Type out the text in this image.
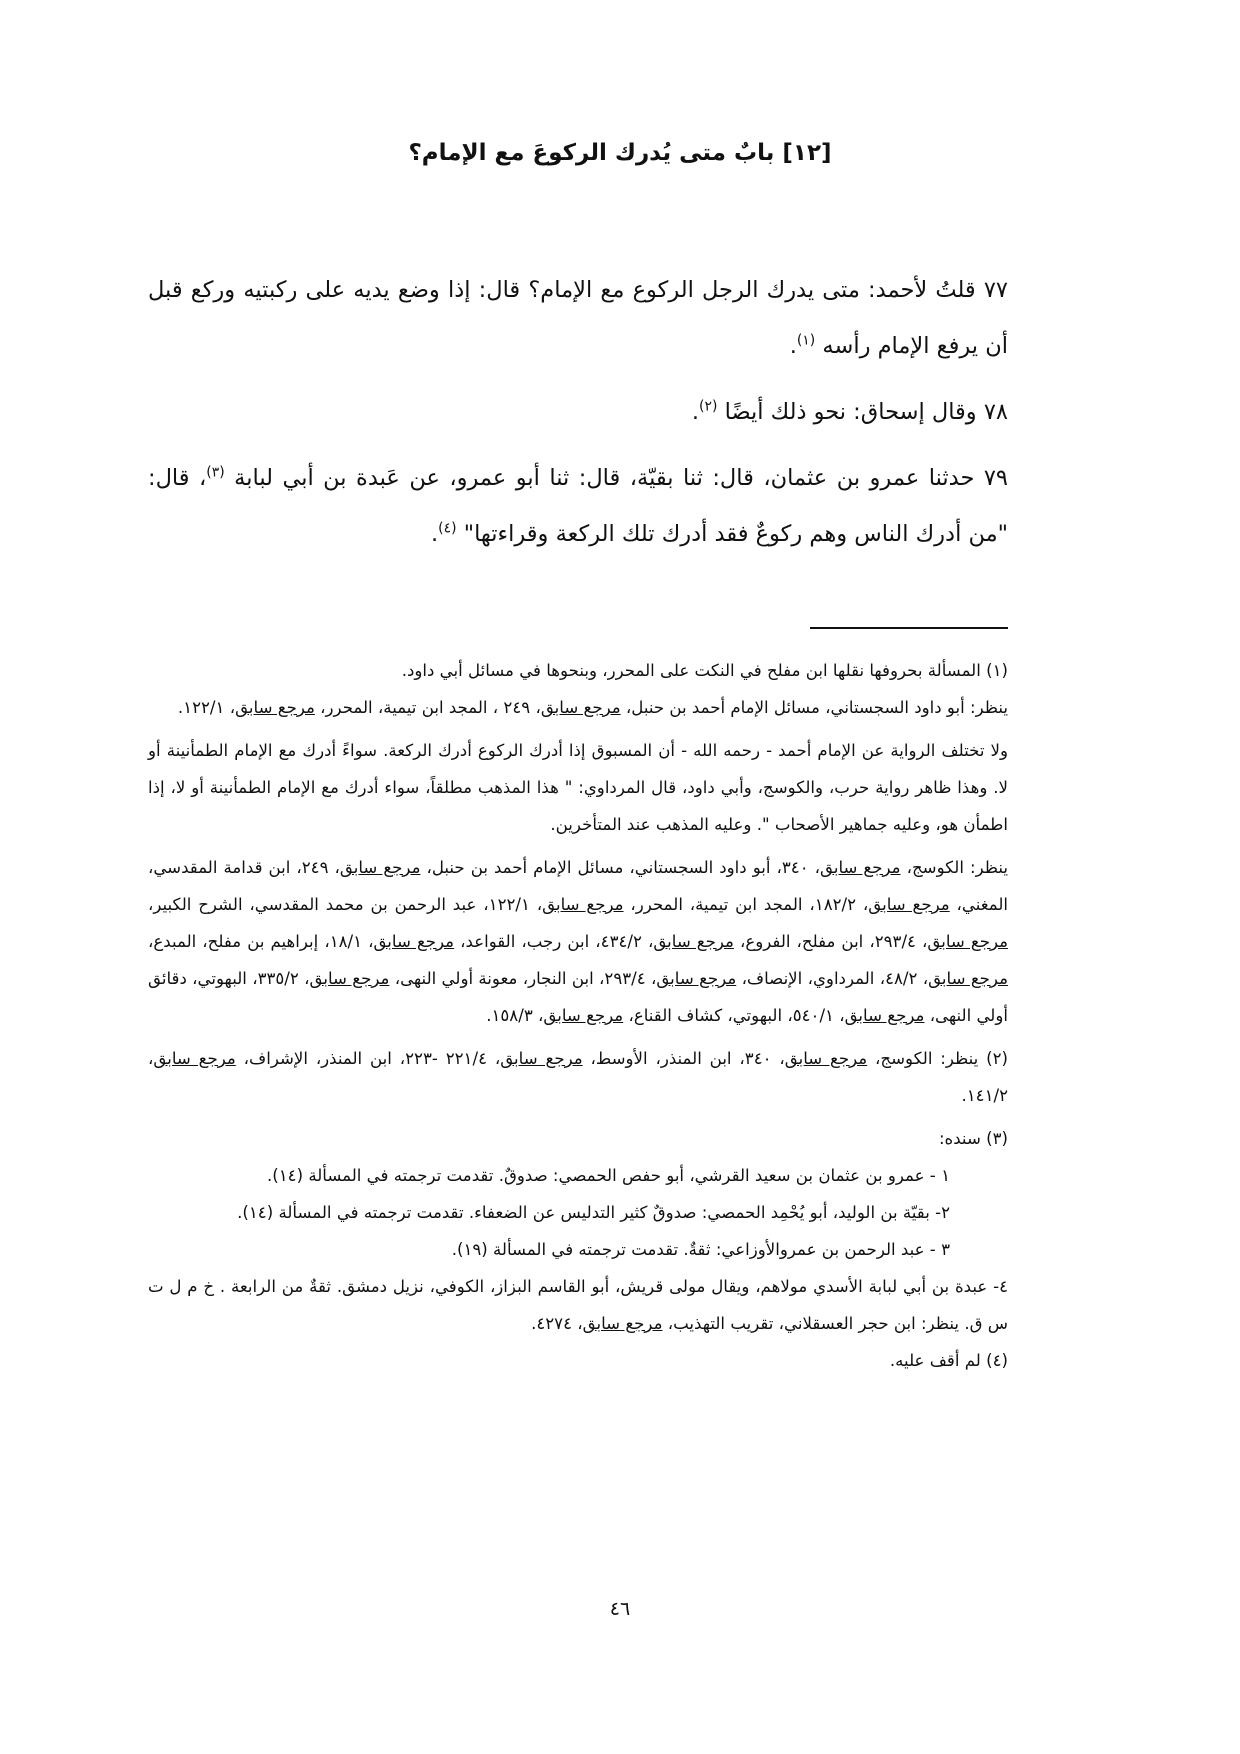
[١٢] بابٌ متى يُدرك الركوعَ مع الإمام؟

٧٧ قلتُ لأحمد: متى يدرك الرجل الركوع مع الإمام؟ قال: إذا وضع يديه على ركبتيه وركع قبل أن يرفع الإمام رأسه $^{(١)}$.

٧٨ وقال إسحاق: نحو ذلك أيضًا $^{(٢)}$.

٧٩ حدثنا عمرو بن عثمان، قال: ثنا بقيّة، قال: ثنا أبو عمرو، عن عَبدة بن أبي لبابة $^{(٣)}$، قال: "من أدرك الناس وهم ركوعٌ فقد أدرك تلك الركعة وقراءتها" $^{(٤)}$.

(١) المسألة بحروفها نقلها ابن مفلح في النكت على المحرر، وبنحوها في مسائل أبي داود.

ينظر: أبو داود السجستاني، مسائل الإمام أحمد بن حنبل، مرجع سابق، ٢٤٩ ، المجد ابن تيمية، المحرر، مرجع سابق، ١٢٢/١.

ولا تختلف الرواية عن الإمام أحمد - رحمه الله - أن المسبوق إذا أدرك الركوع أدرك الركعة. سواءً أدرك مع الإمام الطمأنينة أو لا. وهذا ظاهر رواية حرب، والكوسج، وأبي داود، قال المرداوي: " هذا المذهب مطلقاً، سواء أدرك مع الإمام الطمأنينة أو لا، إذا اطمأن هو، وعليه جماهير الأصحاب ". وعليه المذهب عند المتأخرين.

ينظر: الكوسج، مرجع سابق، ٣٤٠، أبو داود السجستاني، مسائل الإمام أحمد بن حنبل، مرجع سابق، ٢٤٩، ابن قدامة المقدسي، المغني، مرجع سابق، ١٨٢/٢، المجد ابن تيمية، المحرر، مرجع سابق، ١٢٢/١، عبد الرحمن بن محمد المقدسي، الشرح الكبير، مرجع سابق، ٢٩٣/٤، ابن مفلح، الفروع، مرجع سابق، ٤٣٤/٢، ابن رجب، القواعد، مرجع سابق، ١٨/١، إبراهيم بن مفلح، المبدع، مرجع سابق، ٤٨/٢، المرداوي، الإنصاف، مرجع سابق، ٢٩٣/٤، ابن النجار، معونة أولي النهى، مرجع سابق، ٣٣٥/٢، البهوتي، دقائق أولي النهى، مرجع سابق، ٥٤٠/١، البهوتي، كشاف القناع، مرجع سابق، ١٥٨/٣.

(٢) ينظر: الكوسج، مرجع سابق، ٣٤٠، ابن المنذر، الأوسط، مرجع سابق، ٢٢١/٤ -٢٢٣، ابن المنذر، الإشراف، مرجع سابق، ١٤١/٢.

(٣) سنده:

١ - عمرو بن عثمان بن سعيد القرشي، أبو حفص الحمصي: صدوقٌ. تقدمت ترجمته في المسألة (١٤).

٢- بقيّة بن الوليد، أبو يُحْمِد الحمصي: صدوقٌ كثير التدليس عن الضعفاء. تقدمت ترجمته في المسألة (١٤).

٣ - عبد الرحمن بن عمروالأوزاعي: ثقةٌ. تقدمت ترجمته في المسألة (١٩).

٤- عبدة بن أبي لبابة الأسدي مولاهم، ويقال مولى قريش، أبو القاسم البزاز، الكوفي، نزيل دمشق. ثقةٌ من الرابعة . خ م ل ت س ق. ينظر: ابن حجر العسقلاني، تقريب التهذيب، مرجع سابق، ٤٢٧٤.

(٤) لم أقف عليه.

٤٦
